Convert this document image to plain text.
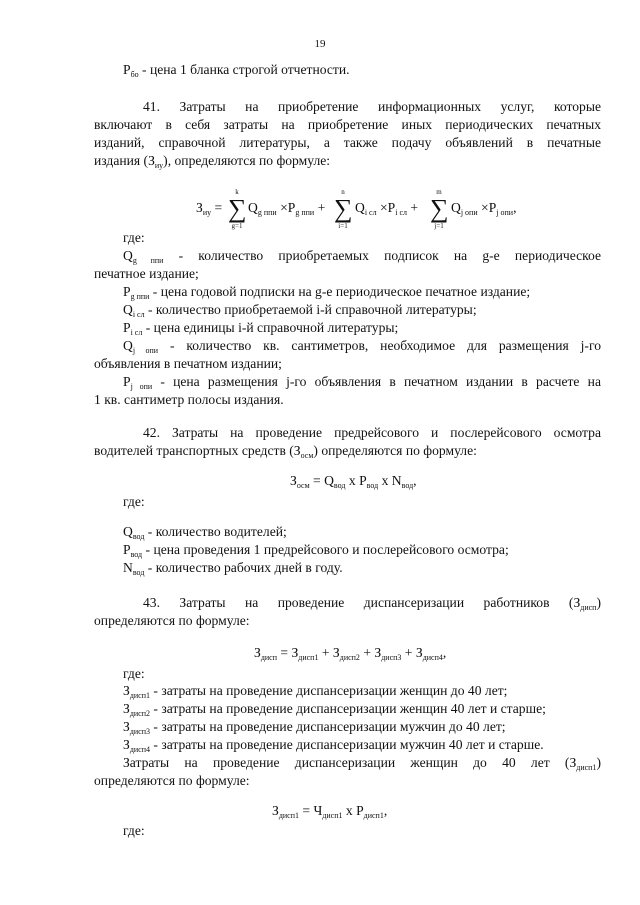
19
$P_{бо}$ - цена 1 бланка строгой отчетности.
41. Затраты на приобретение информационных услуг, которые
включают в себя затраты на приобретение иных периодических печатных
изданий, справочной литературы, а также подачу объявлений в печатные
издания $(З_{иу})$, определяются по формуле:
$З_{иу}$ =
k
∑
g=1
$Q_{g ппи} \times P_{g ппи}$ +
n
∑
i=1
$Q_{i сл} \times P_{i сл}$ +
m
∑
j=1
$Q_{j опи} \times P_{j опи}$,
где:
$Q_{g ппи}$ - количество приобретаемых подписок на g-е периодическое
печатное издание;
$P_{g ппи}$ - цена годовой подписки на g-е периодическое печатное издание;
$Q_{i сл}$ - количество приобретаемой i-й справочной литературы;
$P_{i сл}$ - цена единицы i-й справочной литературы;
$Q_{j опи}$ - количество кв. сантиметров, необходимое для размещения j-го
объявления в печатном издании;
$P_{j опи}$ - цена размещения j-го объявления в печатном издании в расчете на
1 кв. сантиметр полосы издания.
42. Затраты на проведение предрейсового и послерейсового осмотра
водителей транспортных средств $(З_{осм})$ определяются по формуле:
$З_{осм} = Q_{вод}$ x $P_{вод}$ x $N_{вод}$,
где:
$Q_{вод}$ - количество водителей;
$P_{вод}$ - цена проведения 1 предрейсового и послерейсового осмотра;
$N_{вод}$ - количество рабочих дней в году.
43. Затраты на проведение диспансеризации работников $(З_{дисп})$
определяются по формуле:
$З_{дисп} = З_{дисп1} + З_{дисп2} + З_{дисп3} + З_{дисп4}$,
где:
$З_{дисп1}$ - затраты на проведение диспансеризации женщин до 40 лет;
$З_{дисп2}$ - затраты на проведение диспансеризации женщин 40 лет и старше;
$З_{дисп3}$ - затраты на проведение диспансеризации мужчин до 40 лет;
$З_{дисп4}$ - затраты на проведение диспансеризации мужчин 40 лет и старше.
Затраты на проведение диспансеризации женщин до 40 лет $(З_{дисп1})$
определяются по формуле:
$З_{дисп1} = Ч_{дисп1}$ x $P_{дисп1}$,
где:
